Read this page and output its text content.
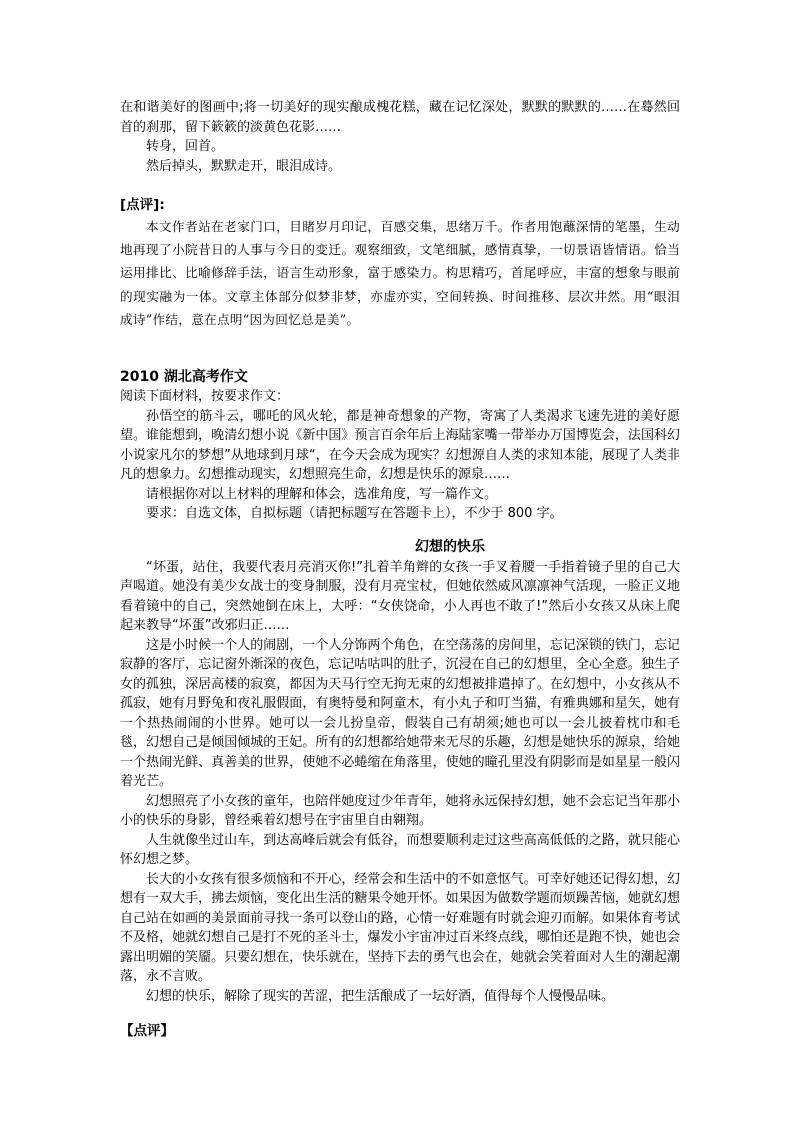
在和谐美好的图画中;将一切美好的现实酿成槐花糕，藏在记忆深处，默默的默默的……在蓦然回首的刹那，留下簌簌的淡黄色花影……

转身，回首。

然后掉头，默默走开，眼泪成诗。

[点评]:

本文作者站在老家门口，目睹岁月印记，百感交集，思绪万千。作者用饱蘸深情的笔墨，生动地再现了小院昔日的人事与今日的变迁。观察细致，文笔细腻，感情真挚，一切景语皆情语。恰当运用排比、比喻修辞手法，语言生动形象，富于感染力。构思精巧，首尾呼应，丰富的想象与眼前的现实融为一体。文章主体部分似梦非梦，亦虚亦实，空间转换、时间推移、层次井然。用“眼泪成诗”作结，意在点明“因为回忆总是美”。

2010 湖北高考作文

阅读下面材料，按要求作文：

孙悟空的筋斗云，哪吒的风火轮，都是神奇想象的产物，寄寓了人类渴求飞速先进的美好愿望。谁能想到，晚清幻想小说《新中国》预言百余年后上海陆家嘴一带举办万国博览会，法国科幻小说家凡尔的梦想”从地球到月球“，在今天会成为现实？幻想源自人类的求知本能，展现了人类非凡的想象力。幻想推动现实，幻想照亮生命，幻想是快乐的源泉……

请根据你对以上材料的理解和体会，选准角度，写一篇作文。

要求：自选文体，自拟标题（请把标题写在答题卡上），不少于 800 字。

幻想的快乐

“坏蛋，站住，我要代表月亮消灭你!”扎着羊角辫的女孩一手叉着腰一手指着镜子里的自己大声喝道。她没有美少女战士的变身制服，没有月亮宝杖，但她依然威风凛凛神气活现，一脸正义地看着镜中的自己，突然她倒在床上，大呼：“女侠饶命，小人再也不敢了!”然后小女孩又从床上爬起来教导“坏蛋”改邪归正……

这是小时候一个人的闹剧，一个人分饰两个角色，在空荡荡的房间里，忘记深锁的铁门，忘记寂静的客厅，忘记窗外渐深的夜色，忘记咕咕叫的肚子，沉浸在自己的幻想里，全心全意。独生子女的孤独，深居高楼的寂寞，都因为天马行空无拘无束的幻想被排遣掉了。在幻想中，小女孩从不孤寂，她有月野兔和夜礼服假面，有奥特曼和阿童木，有小丸子和叮当猫，有雅典娜和星矢，她有一个热热闹闹的小世界。她可以一会儿扮皇帝，假装自己有胡须;她也可以一会儿披着枕巾和毛毯，幻想自己是倾国倾城的王妃。所有的幻想都给她带来无尽的乐趣，幻想是她快乐的源泉，给她一个热闹光鲜、真善美的世界，使她不必蜷缩在角落里，使她的瞳孔里没有阴影而是如星星一般闪着光芒。

幻想照亮了小女孩的童年，也陪伴她度过少年青年，她将永远保持幻想，她不会忘记当年那小小的快乐的身影，曾经乘着幻想号在宇宙里自由翱翔。

人生就像坐过山车，到达高峰后就会有低谷，而想要顺利走过这些高高低低的之路，就只能心怀幻想之梦。

长大的小女孩有很多烦恼和不开心，经常会和生活中的不如意怄气。可幸好她还记得幻想，幻想有一双大手，拂去烦恼，变化出生活的糖果令她开怀。如果因为做数学题而烦躁苦恼，她就幻想自己站在如画的美景面前寻找一条可以登山的路，心情一好难题有时就会迎刃而解。如果体育考试不及格，她就幻想自己是打不死的圣斗士，爆发小宇宙冲过百米终点线，哪怕还是跑不快，她也会露出明媚的笑靥。只要幻想在，快乐就在，坚持下去的勇气也会在，她就会笑着面对人生的潮起潮落，永不言败。

幻想的快乐，解除了现实的苦涩，把生活酿成了一坛好酒，值得每个人慢慢品味。

【点评】
